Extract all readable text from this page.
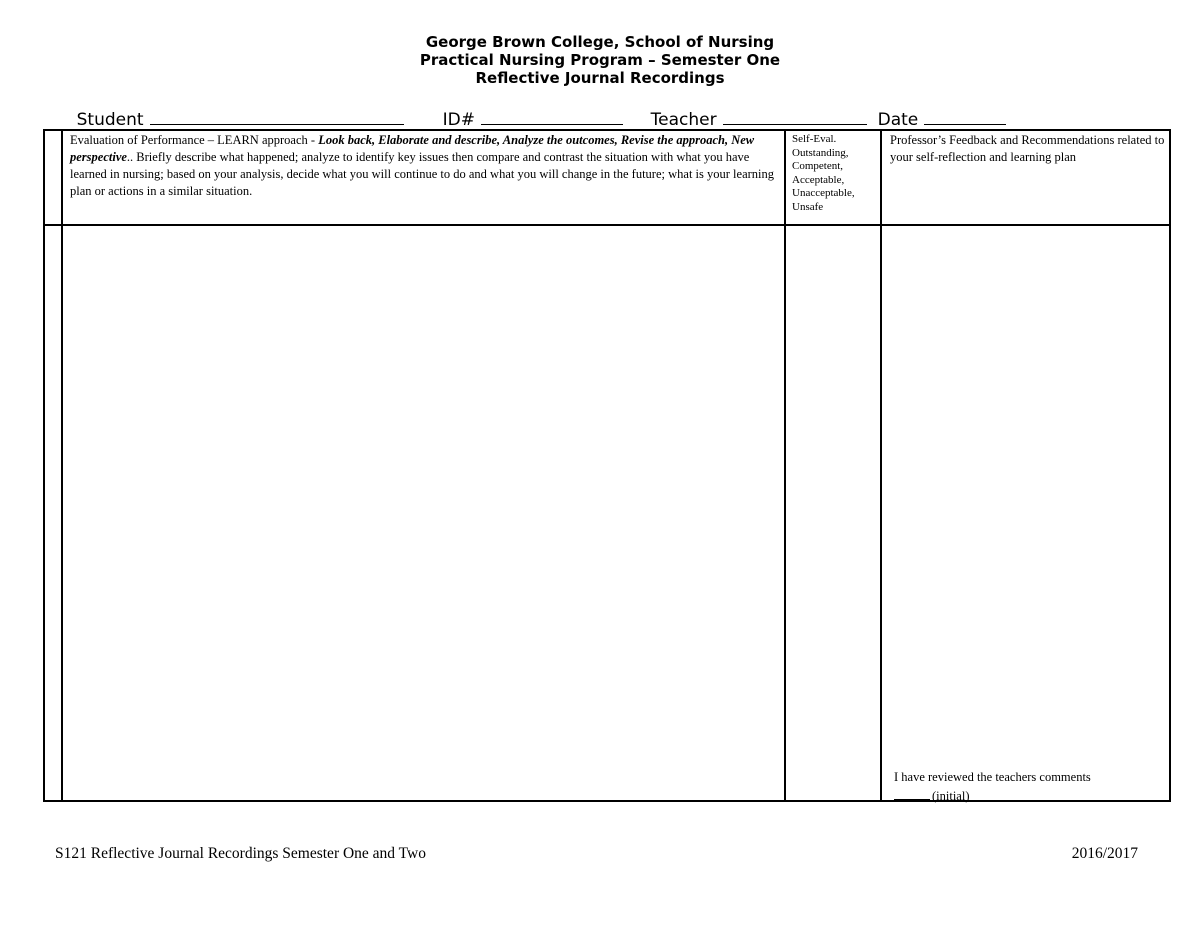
George Brown College, School of Nursing
Practical Nursing Program – Semester One
Reflective Journal Recordings

Student

	ID#

	Teacher

	Date

Evaluation of Performance – LEARN approach - Look back, Elaborate and describe, Analyze the outcomes, Revise the approach, New perspective.. Briefly describe what happened; analyze to identify key issues then compare and contrast the situation with what you have learned in nursing; based on your analysis, decide what you will continue to do and what you will change in the future; what is your learning plan or actions in a similar situation.
Self-Eval. Outstanding, Competent, Acceptable, Unacceptable, Unsafe
Professor’s Feedback and Recommendations related to your self-reflection and learning plan
I have reviewed the teachers comments
(initial)
S121 Reflective Journal Recordings Semester One and Two	2016/2017
